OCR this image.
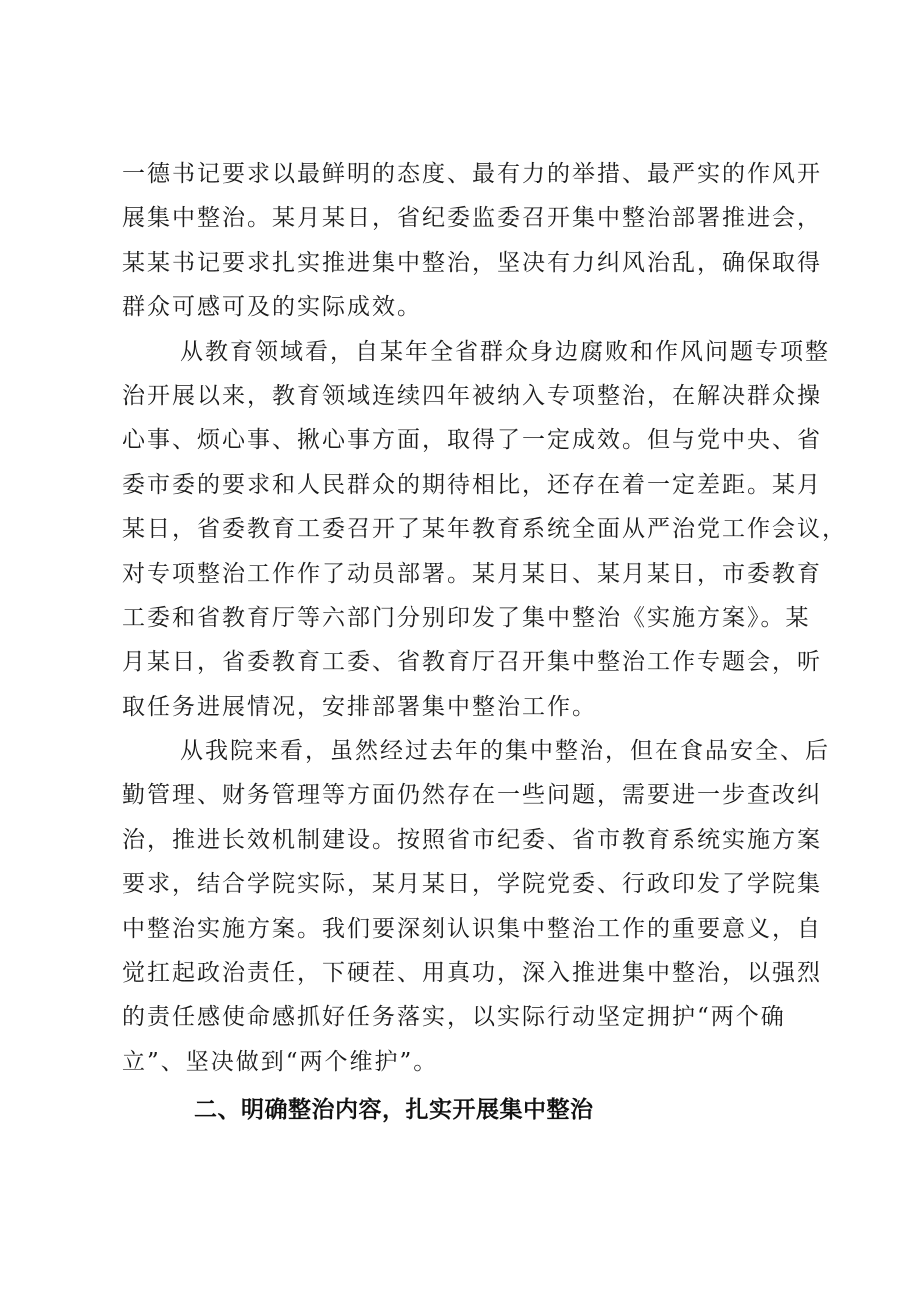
一德书记要求以最鲜明的态度、最有力的举措、最严实的作风开
展集中整治。某月某日，省纪委监委召开集中整治部署推进会，
某某书记要求扎实推进集中整治，坚决有力纠风治乱，确保取得
群众可感可及的实际成效。
从教育领域看，自某年全省群众身边腐败和作风问题专项整
治开展以来，教育领域连续四年被纳入专项整治，在解决群众操
心事、烦心事、揪心事方面，取得了一定成效。但与党中央、省
委市委的要求和人民群众的期待相比，还存在着一定差距。某月
某日，省委教育工委召开了某年教育系统全面从严治党工作会议，
对专项整治工作作了动员部署。某月某日、某月某日，市委教育
工委和省教育厅等六部门分别印发了集中整治《实施方案》。某
月某日，省委教育工委、省教育厅召开集中整治工作专题会，听
取任务进展情况，安排部署集中整治工作。
从我院来看，虽然经过去年的集中整治，但在食品安全、后
勤管理、财务管理等方面仍然存在一些问题，需要进一步查改纠
治，推进长效机制建设。按照省市纪委、省市教育系统实施方案
要求，结合学院实际，某月某日，学院党委、行政印发了学院集
中整治实施方案。我们要深刻认识集中整治工作的重要意义，自
觉扛起政治责任，下硬茬、用真功，深入推进集中整治，以强烈
的责任感使命感抓好任务落实，以实际行动坚定拥护“两个确
立”、坚决做到“两个维护”。
二、明确整治内容，扎实开展集中整治
